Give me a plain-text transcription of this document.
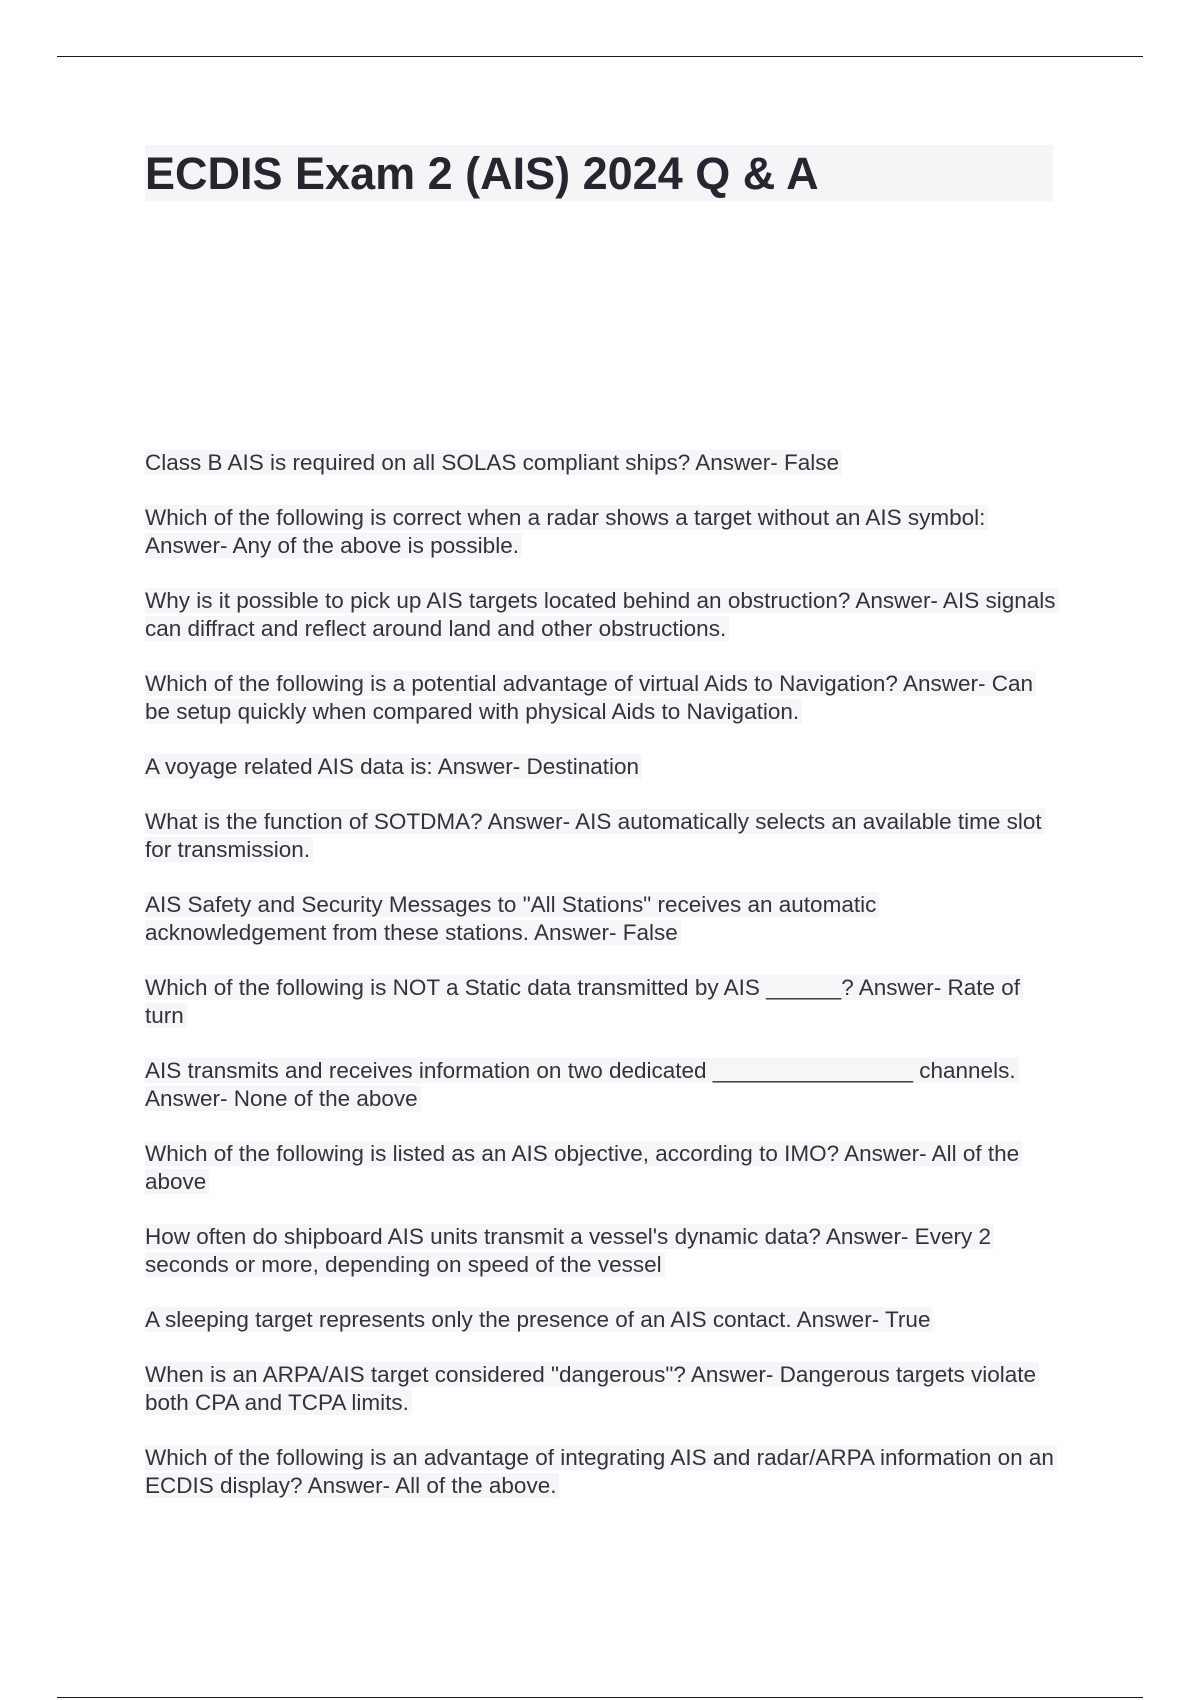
ECDIS Exam 2 (AIS) 2024 Q & A
Class B AIS is required on all SOLAS compliant ships? Answer- False
Which of the following is correct when a radar shows a target without an AIS symbol: Answer- Any of the above is possible.
Why is it possible to pick up AIS targets located behind an obstruction? Answer- AIS signals can diffract and reflect around land and other obstructions.
Which of the following is a potential advantage of virtual Aids to Navigation? Answer- Can be setup quickly when compared with physical Aids to Navigation.
A voyage related AIS data is: Answer- Destination
What is the function of SOTDMA? Answer- AIS automatically selects an available time slot for transmission.
AIS Safety and Security Messages to "All Stations" receives an automatic acknowledgement from these stations. Answer- False
Which of the following is NOT a Static data transmitted by AIS ______? Answer- Rate of turn
AIS transmits and receives information on two dedicated ________________ channels. Answer- None of the above
Which of the following is listed as an AIS objective, according to IMO? Answer- All of the above
How often do shipboard AIS units transmit a vessel's dynamic data? Answer- Every 2 seconds or more, depending on speed of the vessel
A sleeping target represents only the presence of an AIS contact. Answer- True
When is an ARPA/AIS target considered "dangerous"? Answer- Dangerous targets violate both CPA and TCPA limits.
Which of the following is an advantage of integrating AIS and radar/ARPA information on an ECDIS display? Answer- All of the above.
